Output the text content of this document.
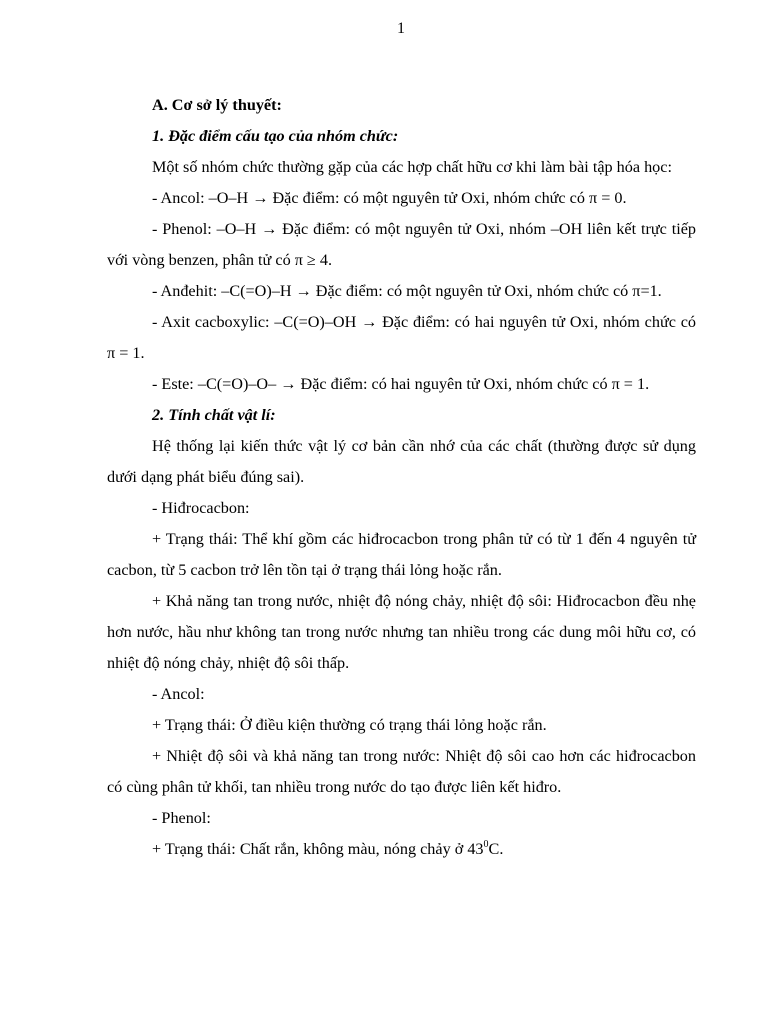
1

A. Cơ sở lý thuyết:

1. Đặc điểm cấu tạo của nhóm chức:

Một số nhóm chức thường gặp của các hợp chất hữu cơ khi làm bài tập hóa học:

- Ancol: –O–H → Đặc điểm: có một nguyên tử Oxi, nhóm chức có π = 0.

- Phenol: –O–H → Đặc điểm: có một nguyên tử Oxi, nhóm –OH liên kết trực tiếp với vòng benzen, phân tử có π ≥ 4.

- Anđehit: –C(=O)–H → Đặc điểm: có một nguyên tử Oxi, nhóm chức có π=1.

- Axit cacboxylic: –C(=O)–OH → Đặc điểm: có hai nguyên tử Oxi, nhóm chức có π = 1.

- Este: –C(=O)–O– → Đặc điểm: có hai nguyên tử Oxi, nhóm chức có π = 1.

2. Tính chất vật lí:

Hệ thống lại kiến thức vật lý cơ bản cần nhớ của các chất (thường được sử dụng dưới dạng phát biểu đúng sai).

- Hiđrocacbon:

+ Trạng thái: Thể khí gồm các hiđrocacbon trong phân tử có từ 1 đến 4 nguyên tử cacbon, từ 5 cacbon trở lên tồn tại ở trạng thái lỏng hoặc rắn.

+ Khả năng tan trong nước, nhiệt độ nóng chảy, nhiệt độ sôi: Hiđrocacbon đều nhẹ hơn nước, hầu như không tan trong nước nhưng tan nhiều trong các dung môi hữu cơ, có nhiệt độ nóng chảy, nhiệt độ sôi thấp.

- Ancol:

+ Trạng thái: Ở điều kiện thường có trạng thái lỏng hoặc rắn.

+ Nhiệt độ sôi và khả năng tan trong nước: Nhiệt độ sôi cao hơn các hiđrocacbon có cùng phân tử khối, tan nhiều trong nước do tạo được liên kết hiđro.

- Phenol:

+ Trạng thái: Chất rắn, không màu, nóng chảy ở $43^0C$.
